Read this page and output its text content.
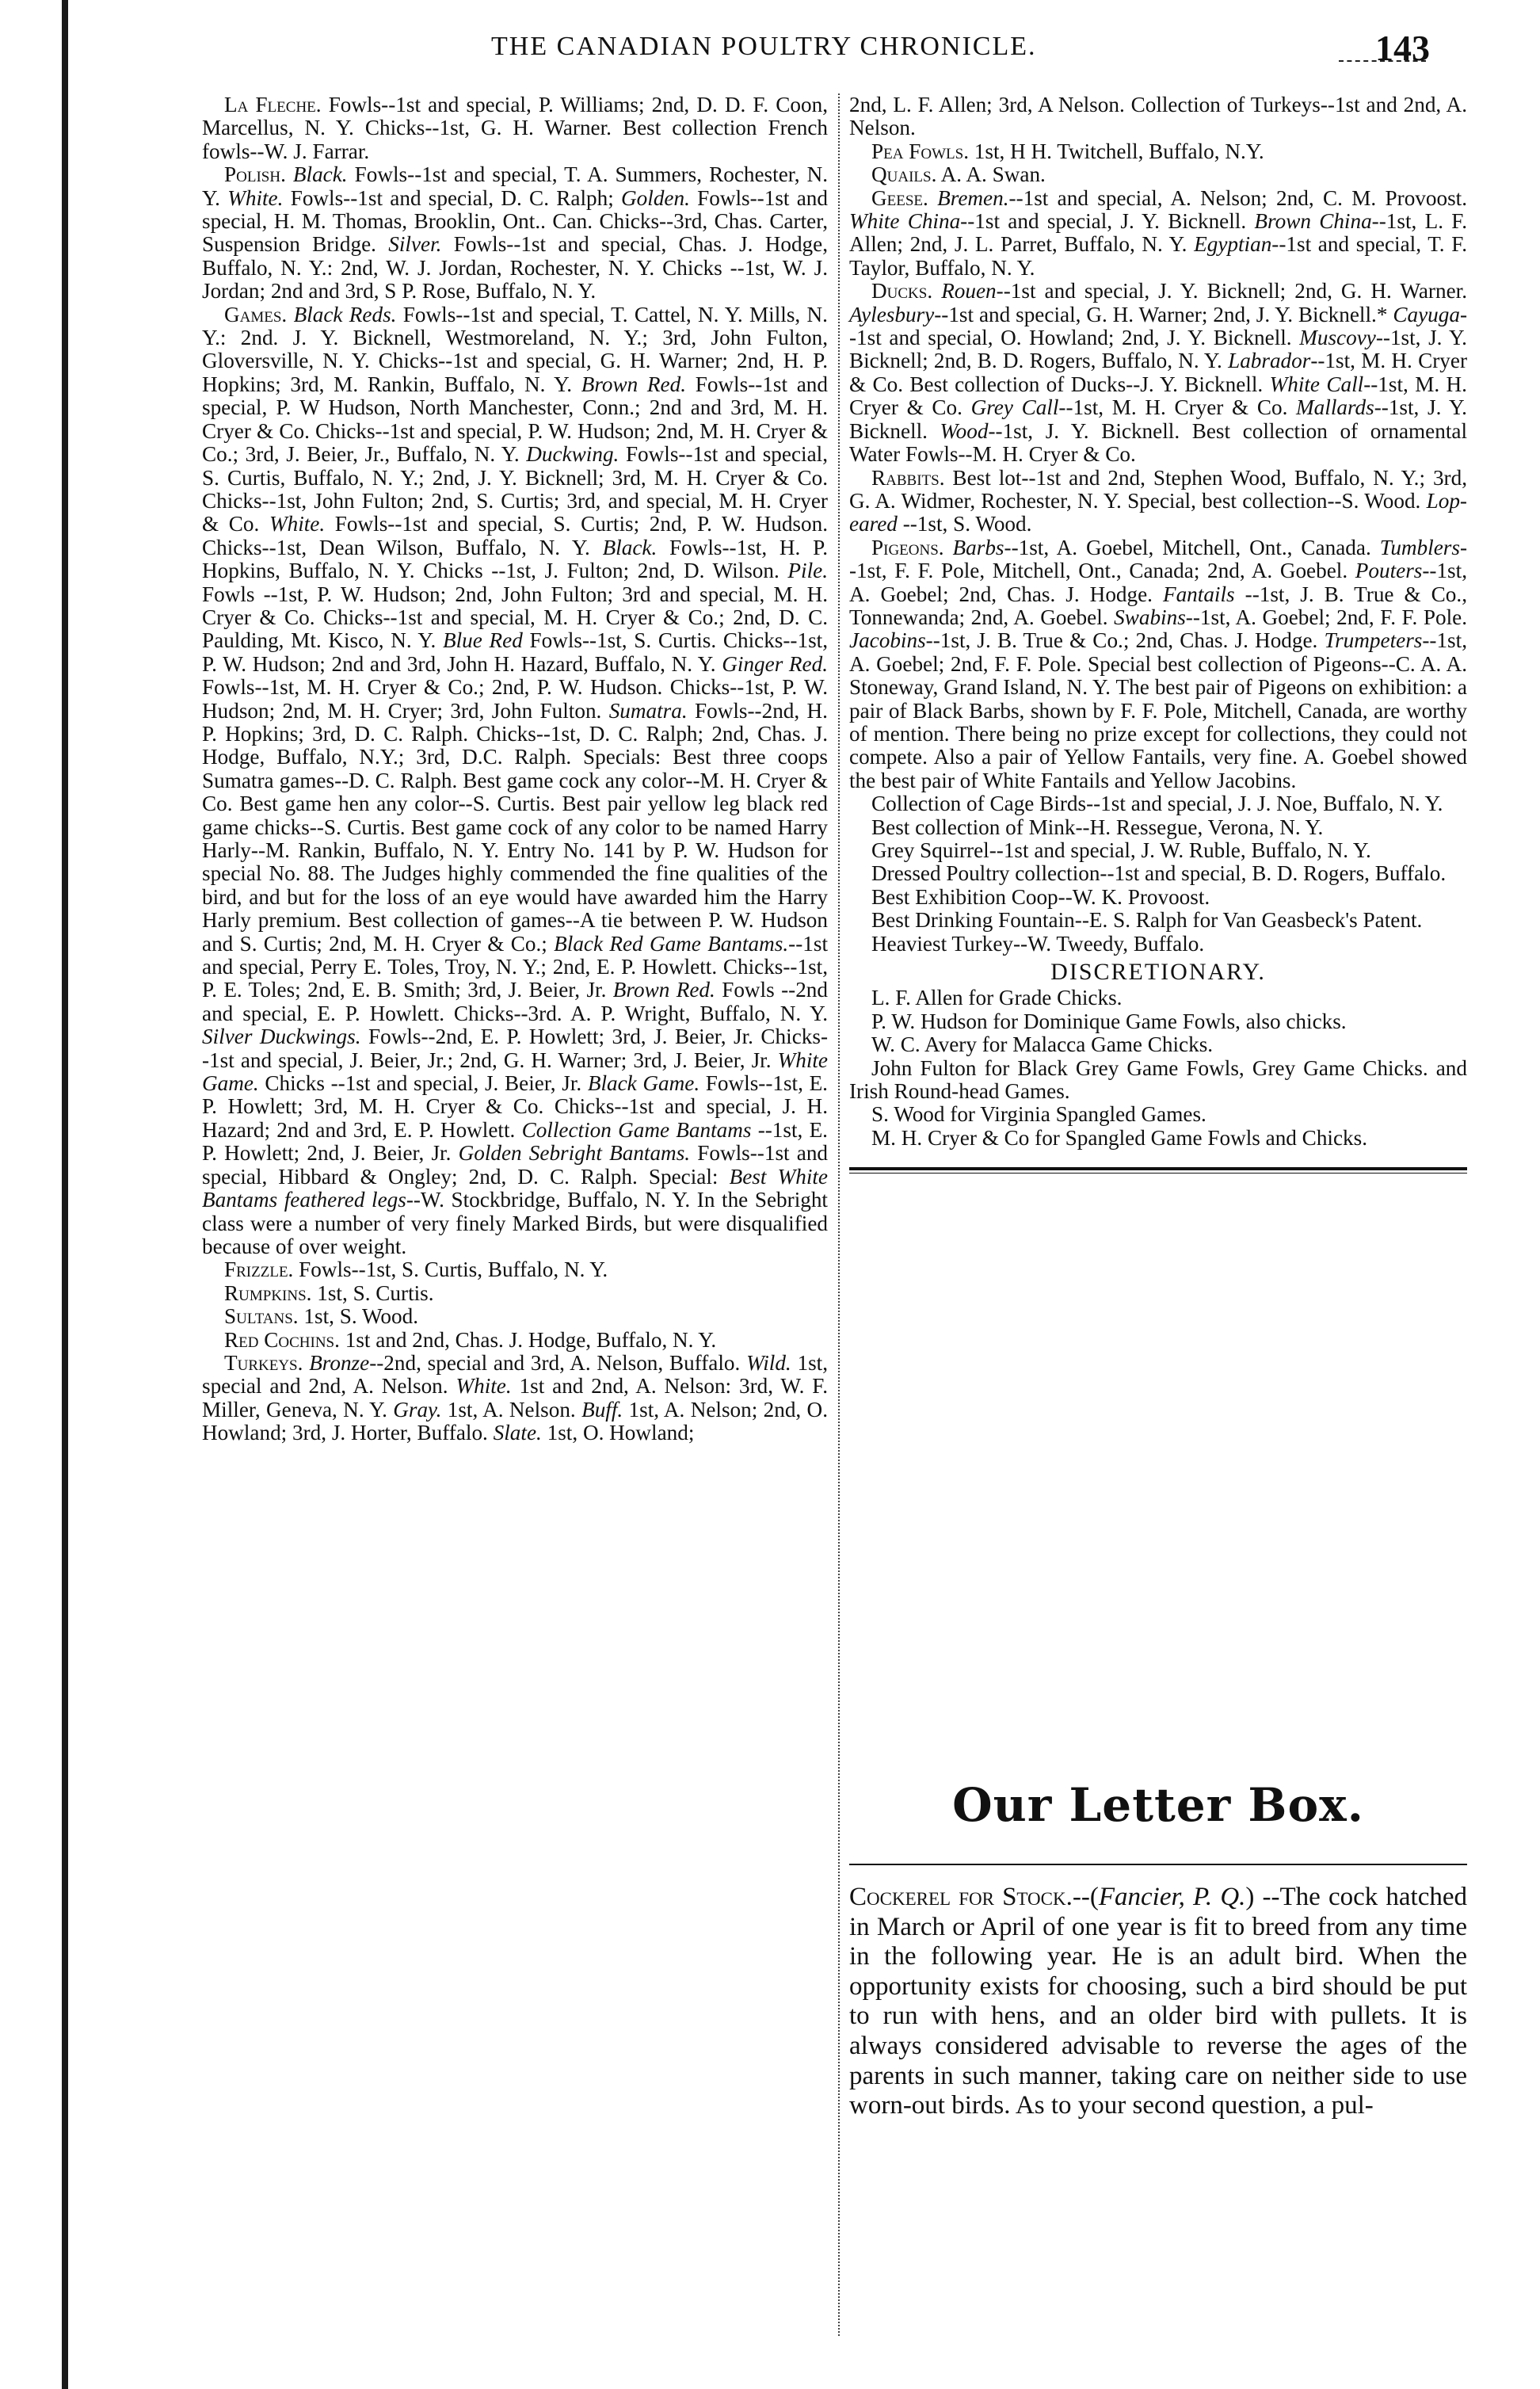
THE CANADIAN POULTRY CHRONICLE.	143

La Fleche. Fowls--1st and special, P. Williams; 2nd, D. D. F. Coon, Marcellus, N. Y. Chicks--1st, G. H. Warner. Best collection French fowls--W. J. Farrar.

Polish. Black. Fowls--1st and special, T. A. Summers, Rochester, N. Y. White. Fowls--1st and special, D. C. Ralph; Golden. Fowls--1st and special, H. M. Thomas, Brooklin, Ont.. Can. Chicks--3rd, Chas. Carter, Suspension Bridge. Silver. Fowls--1st and special, Chas. J. Hodge, Buffalo, N. Y.: 2nd, W. J. Jordan, Rochester, N. Y. Chicks --1st, W. J. Jordan; 2nd and 3rd, S P. Rose, Buffalo, N. Y.

Games. Black Reds. Fowls--1st and special, T. Cattel, N. Y. Mills, N. Y.: 2nd. J. Y. Bicknell, Westmoreland, N. Y.; 3rd, John Fulton, Gloversville, N. Y. Chicks--1st and special, G. H. Warner; 2nd, H. P. Hopkins; 3rd, M. Rankin, Buffalo, N. Y. Brown Red. Fowls--1st and special, P. W Hudson, North Manchester, Conn.; 2nd and 3rd, M. H. Cryer & Co. Chicks--1st and special, P. W. Hudson; 2nd, M. H. Cryer & Co.; 3rd, J. Beier, Jr., Buffalo, N. Y. Duckwing. Fowls--1st and special, S. Curtis, Buffalo, N. Y.; 2nd, J. Y. Bicknell; 3rd, M. H. Cryer & Co. Chicks--1st, John Fulton; 2nd, S. Curtis; 3rd, and special, M. H. Cryer & Co. White. Fowls--1st and special, S. Curtis; 2nd, P. W. Hudson. Chicks--1st, Dean Wilson, Buffalo, N. Y. Black. Fowls--1st, H. P. Hopkins, Buffalo, N. Y. Chicks --1st, J. Fulton; 2nd, D. Wilson. Pile. Fowls --1st, P. W. Hudson; 2nd, John Fulton; 3rd and special, M. H. Cryer & Co. Chicks--1st and special, M. H. Cryer & Co.; 2nd, D. C. Paulding, Mt. Kisco, N. Y. Blue Red Fowls--1st, S. Curtis. Chicks--1st, P. W. Hudson; 2nd and 3rd, John H. Hazard, Buffalo, N. Y. Ginger Red. Fowls--1st, M. H. Cryer & Co.; 2nd, P. W. Hudson. Chicks--1st, P. W. Hudson; 2nd, M. H. Cryer; 3rd, John Fulton. Sumatra. Fowls--2nd, H. P. Hopkins; 3rd, D. C. Ralph. Chicks--1st, D. C. Ralph; 2nd, Chas. J. Hodge, Buffalo, N.Y.; 3rd, D.C. Ralph. Specials: Best three coops Sumatra games--D. C. Ralph. Best game cock any color--M. H. Cryer & Co. Best game hen any color--S. Curtis. Best pair yellow leg black red game chicks--S. Curtis. Best game cock of any color to be named Harry Harly--M. Rankin, Buffalo, N. Y. Entry No. 141 by P. W. Hudson for special No. 88. The Judges highly commended the fine qualities of the bird, and but for the loss of an eye would have awarded him the Harry Harly premium. Best collection of games--A tie between P. W. Hudson and S. Curtis; 2nd, M. H. Cryer & Co.; Black Red Game Bantams.--1st and special, Perry E. Toles, Troy, N. Y.; 2nd, E. P. Howlett. Chicks--1st, P. E. Toles; 2nd, E. B. Smith; 3rd, J. Beier, Jr. Brown Red. Fowls --2nd and special, E. P. Howlett. Chicks--3rd. A. P. Wright, Buffalo, N. Y. Silver Duckwings. Fowls--2nd, E. P. Howlett; 3rd, J. Beier, Jr. Chicks--1st and special, J. Beier, Jr.; 2nd, G. H. Warner; 3rd, J. Beier, Jr. White Game. Chicks --1st and special, J. Beier, Jr. Black Game. Fowls--1st, E. P. Howlett; 3rd, M. H. Cryer & Co. Chicks--1st and special, J. H. Hazard; 2nd and 3rd, E. P. Howlett. Collection Game Bantams --1st, E. P. Howlett; 2nd, J. Beier, Jr. Golden Sebright Bantams. Fowls--1st and special, Hibbard & Ongley; 2nd, D. C. Ralph. Special: Best White Bantams feathered legs--W. Stockbridge, Buffalo, N. Y. In the Sebright class were a number of very finely Marked Birds, but were disqualified because of over weight.

Frizzle. Fowls--1st, S. Curtis, Buffalo, N. Y.

Rumpkins. 1st, S. Curtis.

Sultans. 1st, S. Wood.

Red Cochins. 1st and 2nd, Chas. J. Hodge, Buffalo, N. Y.

Turkeys. Bronze--2nd, special and 3rd, A. Nelson, Buffalo. Wild. 1st, special and 2nd, A. Nelson. White. 1st and 2nd, A. Nelson: 3rd, W. F. Miller, Geneva, N. Y. Gray. 1st, A. Nelson. Buff. 1st, A. Nelson; 2nd, O. Howland; 3rd, J. Horter, Buffalo. Slate. 1st, O. Howland;

2nd, L. F. Allen; 3rd, A Nelson. Collection of Turkeys--1st and 2nd, A. Nelson.

Pea Fowls. 1st, H H. Twitchell, Buffalo, N.Y.

Quails. A. A. Swan.

Geese. Bremen.--1st and special, A. Nelson; 2nd, C. M. Provoost. White China--1st and special, J. Y. Bicknell. Brown China--1st, L. F. Allen; 2nd, J. L. Parret, Buffalo, N. Y. Egyptian--1st and special, T. F. Taylor, Buffalo, N. Y.

Ducks. Rouen--1st and special, J. Y. Bicknell; 2nd, G. H. Warner. Aylesbury--1st and special, G. H. Warner; 2nd, J. Y. Bicknell.* Cayuga--1st and special, O. Howland; 2nd, J. Y. Bicknell. Muscovy--1st, J. Y. Bicknell; 2nd, B. D. Rogers, Buffalo, N. Y. Labrador--1st, M. H. Cryer & Co. Best collection of Ducks--J. Y. Bicknell. White Call--1st, M. H. Cryer & Co. Grey Call--1st, M. H. Cryer & Co. Mallards--1st, J. Y. Bicknell. Wood--1st, J. Y. Bicknell. Best collection of ornamental Water Fowls--M. H. Cryer & Co.

Rabbits. Best lot--1st and 2nd, Stephen Wood, Buffalo, N. Y.; 3rd, G. A. Widmer, Rochester, N. Y. Special, best collection--S. Wood. Lop-eared --1st, S. Wood.

Pigeons. Barbs--1st, A. Goebel, Mitchell, Ont., Canada. Tumblers--1st, F. F. Pole, Mitchell, Ont., Canada; 2nd, A. Goebel. Pouters--1st, A. Goebel; 2nd, Chas. J. Hodge. Fantails --1st, J. B. True & Co., Tonnewanda; 2nd, A. Goebel. Swabins--1st, A. Goebel; 2nd, F. F. Pole. Jacobins--1st, J. B. True & Co.; 2nd, Chas. J. Hodge. Trumpeters--1st, A. Goebel; 2nd, F. F. Pole. Special best collection of Pigeons--C. A. A. Stoneway, Grand Island, N. Y. The best pair of Pigeons on exhibition: a pair of Black Barbs, shown by F. F. Pole, Mitchell, Canada, are worthy of mention. There being no prize except for collections, they could not compete. Also a pair of Yellow Fantails, very fine. A. Goebel showed the best pair of White Fantails and Yellow Jacobins.

Collection of Cage Birds--1st and special, J. J. Noe, Buffalo, N. Y.

Best collection of Mink--H. Ressegue, Verona, N. Y.

Grey Squirrel--1st and special, J. W. Ruble, Buffalo, N. Y.

Dressed Poultry collection--1st and special, B. D. Rogers, Buffalo.

Best Exhibition Coop--W. K. Provoost.

Best Drinking Fountain--E. S. Ralph for Van Geasbeck's Patent.

Heaviest Turkey--W. Tweedy, Buffalo.

DISCRETIONARY.

L. F. Allen for Grade Chicks.

P. W. Hudson for Dominique Game Fowls, also chicks.

W. C. Avery for Malacca Game Chicks.

John Fulton for Black Grey Game Fowls, Grey Game Chicks. and Irish Round-head Games.

S. Wood for Virginia Spangled Games.

M. H. Cryer & Co for Spangled Game Fowls and Chicks.

Our Letter Box.
Cockerel for Stock.--(Fancier, P. Q.) --The cock hatched in March or April of one year is fit to breed from any time in the following year. He is an adult bird. When the opportunity exists for choosing, such a bird should be put to run with hens, and an older bird with pullets. It is always considered advisable to reverse the ages of the parents in such manner, taking care on neither side to use worn-out birds. As to your second question, a pul-
